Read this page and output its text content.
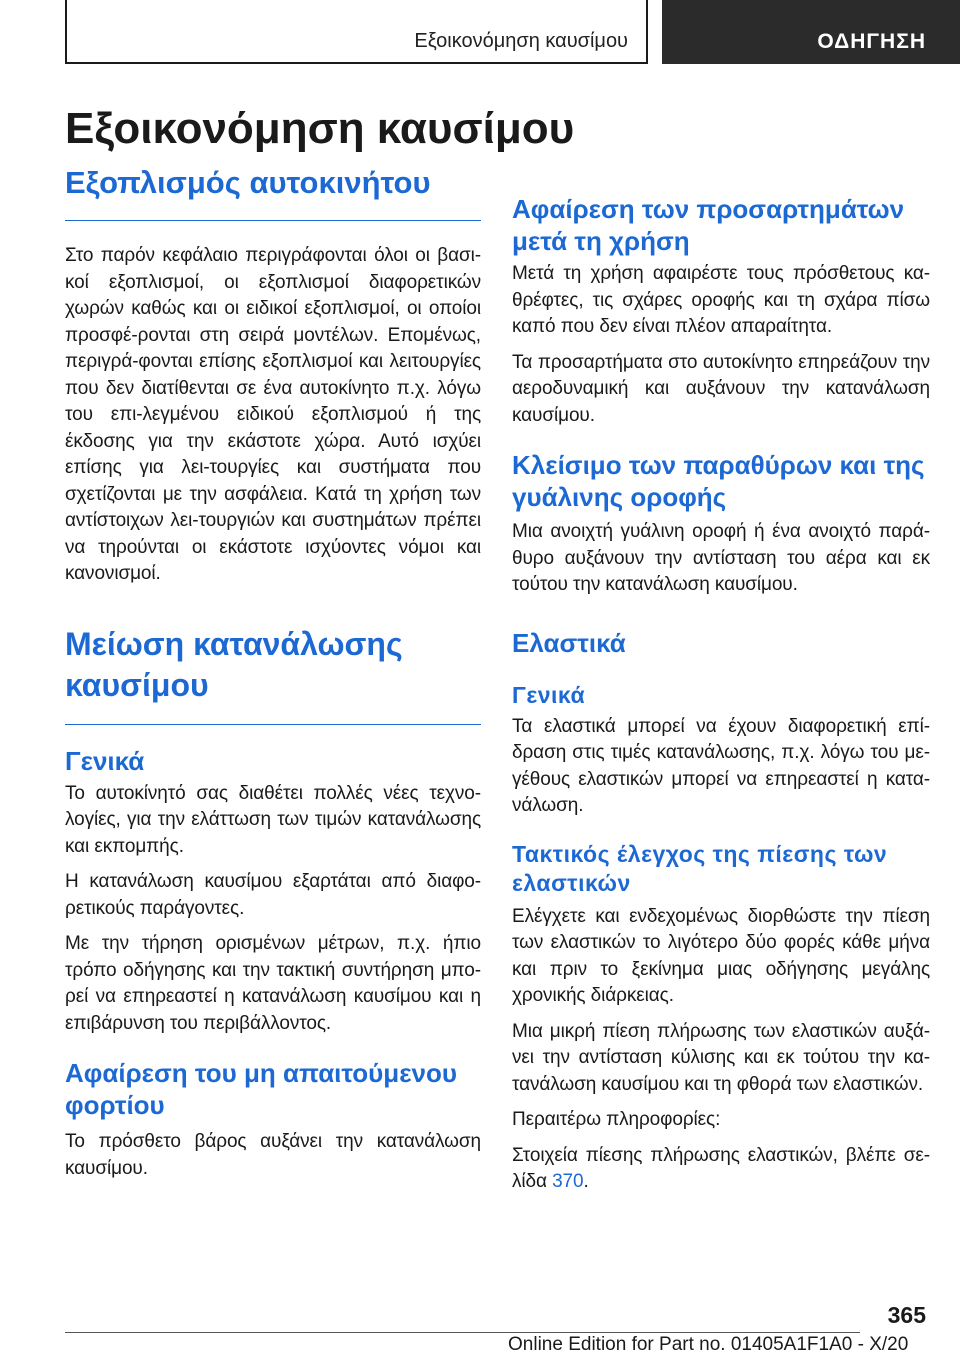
Εξοικονόμηση καυσίμου	ΟΔΗΓΗΣΗ
Εξοικονόμηση καυσίμου
Εξοπλισμός αυτοκινήτου

Στο παρόν κεφάλαιο περιγράφονται όλοι οι βασι-κοί εξοπλισμοί, οι εξοπλισμοί διαφορετικών χωρών καθώς και οι ειδικοί εξοπλισμοί, οι οποίοι προσφέ-ρονται στη σειρά μοντέλων. Επομένως, περιγρά-φονται επίσης εξοπλισμοί και λειτουργίες που δεν διατίθενται σε ένα αυτοκίνητο π.χ. λόγω του επι-λεγμένου ειδικού εξοπλισμού ή της έκδοσης για την εκάστοτε χώρα. Αυτό ισχύει επίσης για λει-τουργίες και συστήματα που σχετίζονται με την ασφάλεια. Κατά τη χρήση των αντίστοιχων λει-τουργιών και συστημάτων πρέπει να τηρούνται οι εκάστοτε ισχύοντες νόμοι και κανονισμοί.

Μείωση κατανάλωσης καυσίμου
Γενικά

Το αυτοκίνητό σας διαθέτει πολλές νέες τεχνο-λογίες, για την ελάττωση των τιμών κατανάλωσης και εκπομπής.

Η κατανάλωση καυσίμου εξαρτάται από διαφο-ρετικούς παράγοντες.

Με την τήρηση ορισμένων μέτρων, π.χ. ήπιο τρόπο οδήγησης και την τακτική συντήρηση μπο-ρεί να επηρεαστεί η κατανάλωση καυσίμου και η επιβάρυνση του περιβάλλοντος.

Αφαίρεση του μη απαιτούμενου φορτίου

Το πρόσθετο βάρος αυξάνει την κατανάλωση καυσίμου.

Αφαίρεση των προσαρτημάτων μετά τη χρήση

Μετά τη χρήση αφαιρέστε τους πρόσθετους κα-θρέφτες, τις σχάρες οροφής και τη σχάρα πίσω καπό που δεν είναι πλέον απαραίτητα.

Τα προσαρτήματα στο αυτοκίνητο επηρεάζουν την αεροδυναμική και αυξάνουν την κατανάλωση καυσίμου.

Κλείσιμο των παραθύρων και της γυάλινης οροφής

Μια ανοιχτή γυάλινη οροφή ή ένα ανοιχτό παρά-θυρο αυξάνουν την αντίσταση του αέρα και εκ τούτου την κατανάλωση καυσίμου.

Ελαστικά
Γενικά

Τα ελαστικά μπορεί να έχουν διαφορετική επί-δραση στις τιμές κατανάλωσης, π.χ. λόγω του με-γέθους ελαστικών μπορεί να επηρεαστεί η κατα-νάλωση.

Τακτικός έλεγχος της πίεσης των ελαστικών

Ελέγχετε και ενδεχομένως διορθώστε την πίεση των ελαστικών το λιγότερο δύο φορές κάθε μήνα και πριν το ξεκίνημα μιας οδήγησης μεγάλης χρονικής διάρκειας.

Μια μικρή πίεση πλήρωσης των ελαστικών αυξά-νει την αντίσταση κύλισης και εκ τούτου την κα-τανάλωση καυσίμου και τη φθορά των ελαστικών.

Περαιτέρω πληροφορίες:

Στοιχεία πίεσης πλήρωσης ελαστικών, βλέπε σε-λίδα 370.

365
Online Edition for Part no. 01405A1F1A0 - X/20
